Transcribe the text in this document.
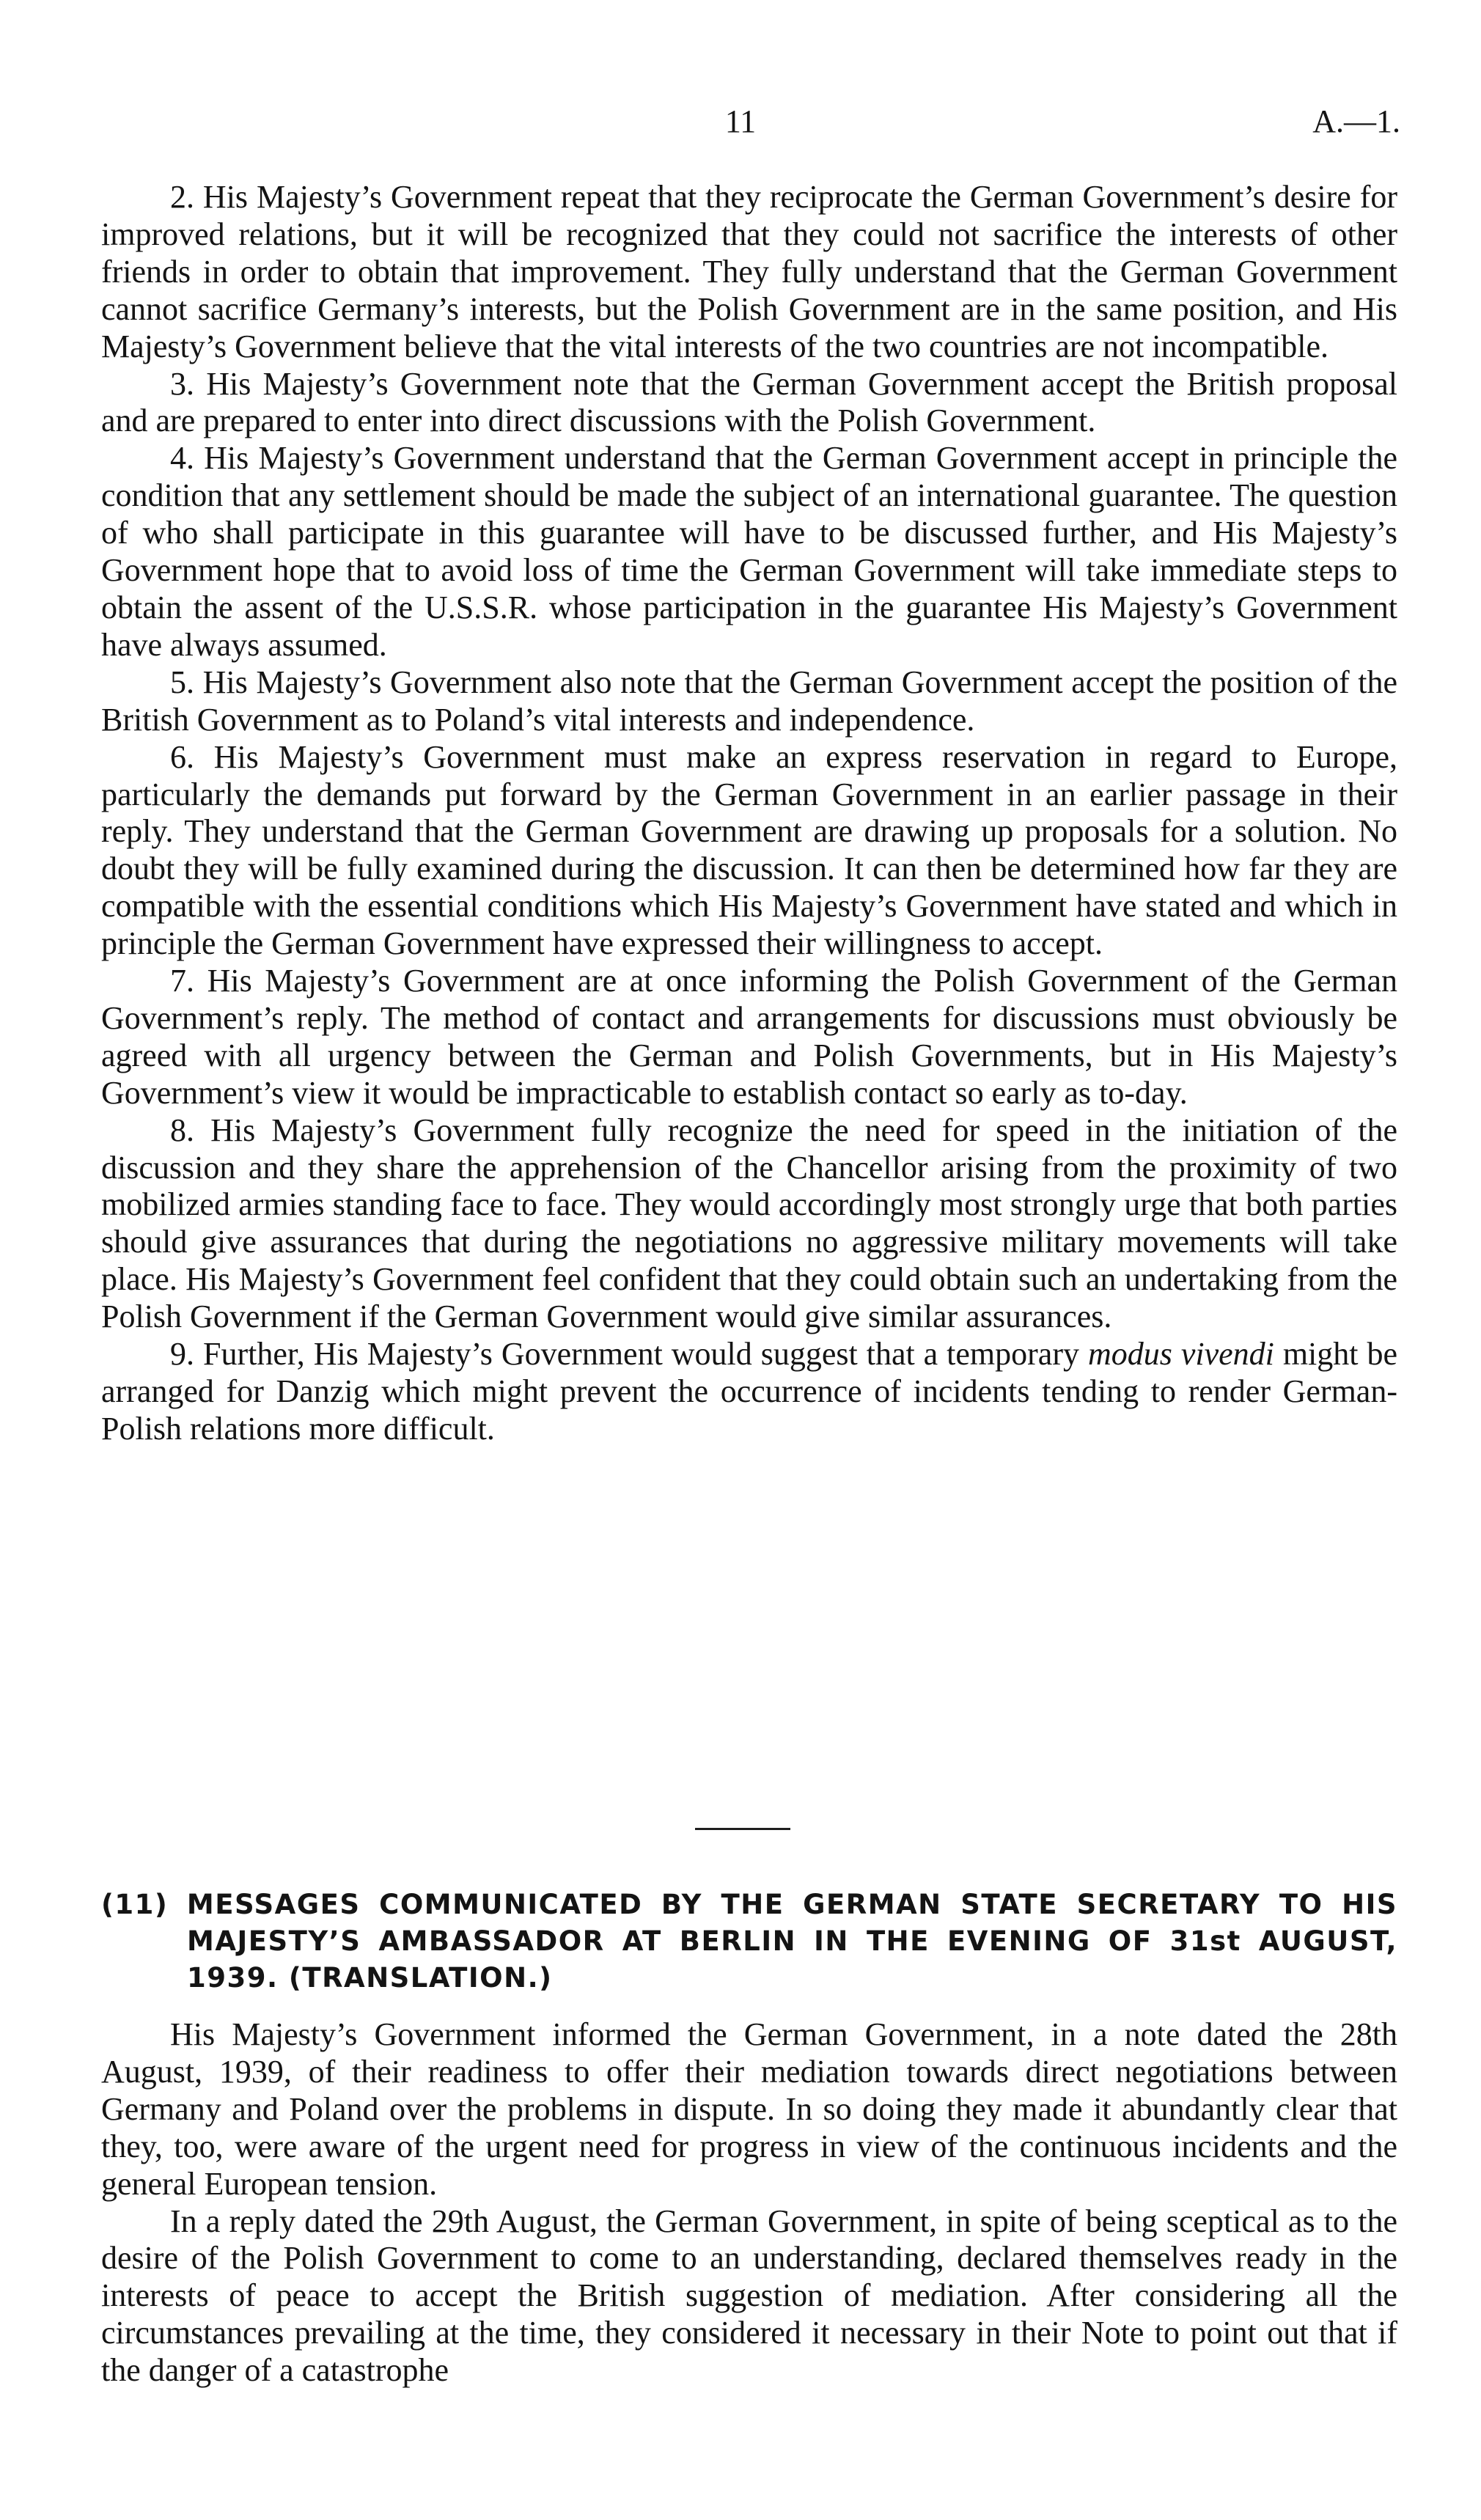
11	A.—1.

2. His Majesty’s Government repeat that they reciprocate the German Government’s desire for improved relations, but it will be recognized that they could not sacrifice the interests of other friends in order to obtain that improvement. They fully understand that the German Government cannot sacrifice Germany’s interests, but the Polish Government are in the same position, and His Majesty’s Government believe that the vital interests of the two countries are not incompatible.

3. His Majesty’s Government note that the German Government accept the British proposal and are prepared to enter into direct discussions with the Polish Government.

4. His Majesty’s Government understand that the German Government accept in principle the condition that any settlement should be made the subject of an international guarantee. The question of who shall participate in this guarantee will have to be discussed further, and His Majesty’s Government hope that to avoid loss of time the German Government will take immediate steps to obtain the assent of the U.S.S.R. whose participation in the guarantee His Majesty’s Government have always assumed.

5. His Majesty’s Government also note that the German Government accept the position of the British Government as to Poland’s vital interests and independence.

6. His Majesty’s Government must make an express reservation in regard to Europe, particularly the demands put forward by the German Government in an earlier passage in their reply. They understand that the German Government are drawing up proposals for a solution. No doubt they will be fully examined during the discussion. It can then be determined how far they are compatible with the essential conditions which His Majesty’s Government have stated and which in principle the German Government have expressed their willingness to accept.

7. His Majesty’s Government are at once informing the Polish Government of the German Government’s reply. The method of contact and arrangements for discussions must obviously be agreed with all urgency between the German and Polish Governments, but in His Majesty’s Government’s view it would be impracticable to establish contact so early as to-day.

8. His Majesty’s Government fully recognize the need for speed in the initiation of the discussion and they share the apprehension of the Chancellor arising from the proximity of two mobilized armies standing face to face. They would accordingly most strongly urge that both parties should give assurances that during the negotiations no aggressive military movements will take place. His Majesty’s Government feel confident that they could obtain such an undertaking from the Polish Government if the German Government would give similar assurances.

9. Further, His Majesty’s Government would suggest that a temporary modus vivendi might be arranged for Danzig which might prevent the occurrence of incidents tending to render German-Polish relations more difficult.

(11) MESSAGES COMMUNICATED BY THE GERMAN STATE SECRETARY TO HIS MAJESTY’S AMBASSADOR AT BERLIN IN THE EVENING OF 31st AUGUST, 1939. (TRANSLATION.)

His Majesty’s Government informed the German Government, in a note dated the 28th August, 1939, of their readiness to offer their mediation towards direct negotiations between Germany and Poland over the problems in dispute. In so doing they made it abundantly clear that they, too, were aware of the urgent need for progress in view of the continuous incidents and the general European tension.

In a reply dated the 29th August, the German Government, in spite of being sceptical as to the desire of the Polish Government to come to an understanding, declared themselves ready in the interests of peace to accept the British suggestion of mediation. After considering all the circumstances prevailing at the time, they considered it necessary in their Note to point out that if the danger of a catastrophe
